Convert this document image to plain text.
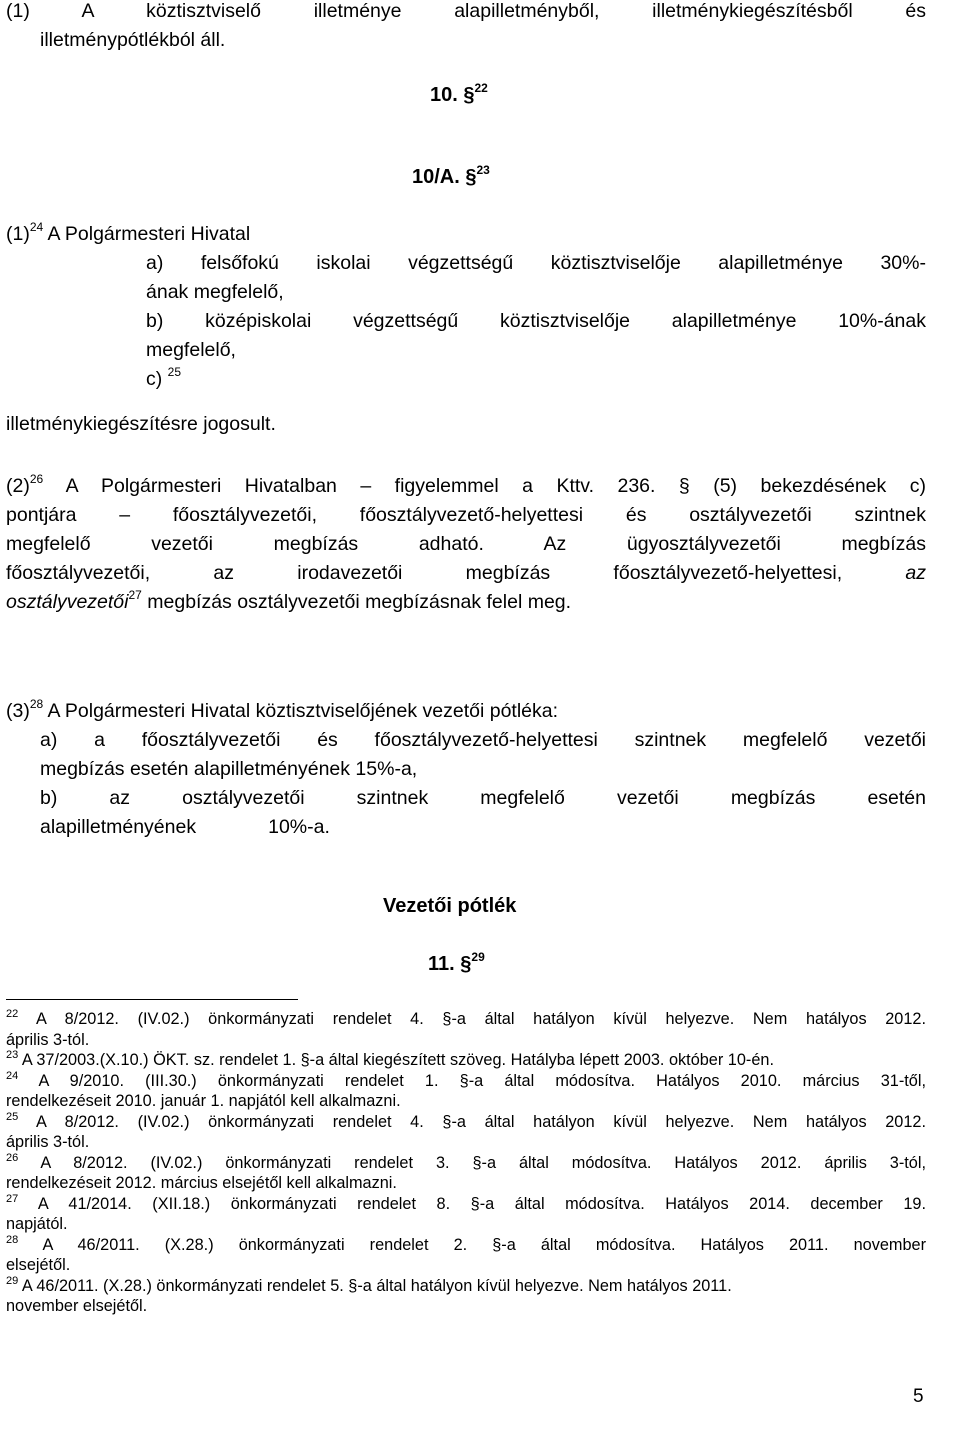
(1) A köztisztviselő illetménye alapilletményből, illetménykiegészítésből és
illetménypótlékból áll.
10. §$^{22}$
10/A. §$^{23}$
$(1)^{24}$ A Polgármesteri Hivatal
a) felsőfokú iskolai végzettségű köztisztviselője alapilletménye 30%-
ának megfelelő,
b) középiskolai végzettségű köztisztviselője alapilletménye 10%-ának
megfelelő,
c) $^{25}$
illetménykiegészítésre jogosult.
$(2)^{26}$ A Polgármesteri Hivatalban – figyelemmel a Kttv. 236. § (5) bekezdésének c)
pontjára – főosztályvezetői, főosztályvezető-helyettesi és osztályvezetői szintnek
megfelelő vezetői megbízás adható. Az ügyosztályvezetői megbízás
főosztályvezetői, az irodavezetői megbízás főosztályvezető-helyettesi,	az
osztályvezetői$^{27}$ megbízás osztályvezetői megbízásnak felel meg.
$(3)^{28}$ A Polgármesteri Hivatal köztisztviselőjének vezetői pótléka:
a) a főosztályvezetői és főosztályvezető-helyettesi szintnek megfelelő vezetői
megbízás esetén alapilletményének 15%-a,
b) az osztályvezetői szintnek megfelelő vezetői megbízás esetén
alapilletményének	10%-a.
Vezetői pótlék
11. §$^{29}$
$^{22}$ A 8/2012. (IV.02.) önkormányzati rendelet 4. §-a által hatályon kívül helyezve. Nem hatályos 2012.
április 3-tól.
$^{23}$ A 37/2003.(X.10.) ÖKT. sz. rendelet 1. §-a által kiegészített szöveg. Hatályba lépett 2003. október 10-én.
$^{24}$ A 9/2010. (III.30.) önkormányzati rendelet 1. §-a által módosítva. Hatályos 2010. március 31-től,
rendelkezéseit 2010. január 1. napjától kell alkalmazni.
$^{25}$ A 8/2012. (IV.02.) önkormányzati rendelet 4. §-a által hatályon kívül helyezve. Nem hatályos 2012.
április 3-tól.
$^{26}$ A 8/2012. (IV.02.) önkormányzati rendelet 3. §-a által módosítva. Hatályos 2012. április 3-tól,
rendelkezéseit 2012. március elsejétől kell alkalmazni.
$^{27}$ A 41/2014. (XII.18.) önkormányzati rendelet 8. §-a által módosítva. Hatályos 2014. december 19.
napjától.
$^{28}$ A 46/2011. (X.28.) önkormányzati rendelet 2. §-a által módosítva. Hatályos 2011. november
elsejétől.
$^{29}$ A 46/2011. (X.28.) önkormányzati rendelet 5. §-a által hatályon kívül helyezve. Nem hatályos 2011.
november elsejétől.
5
